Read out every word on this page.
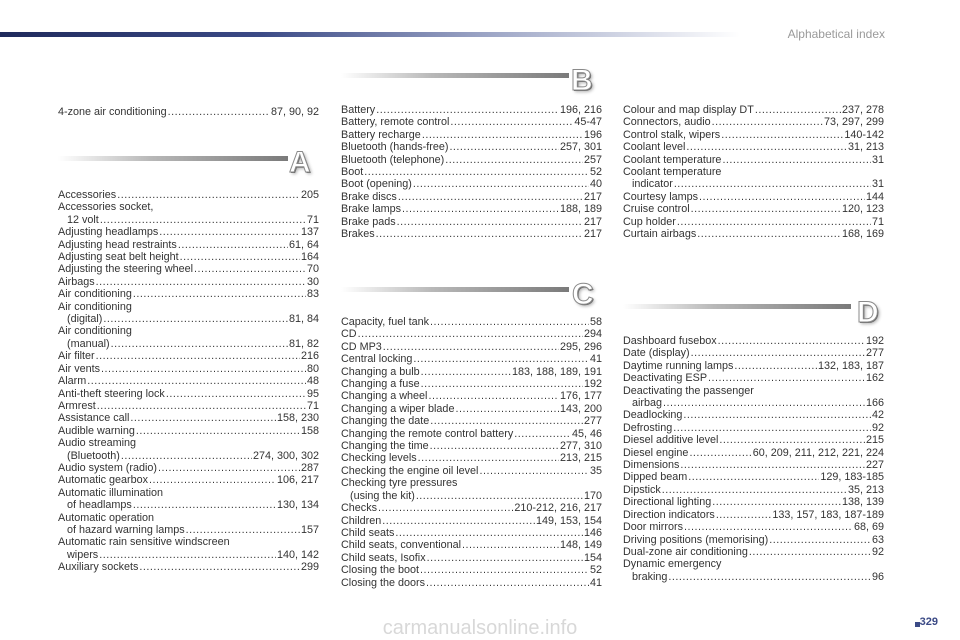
Alphabetical index
4-zone air conditioning .....	87, 90, 92
A
Accessories .....	205
Accessories socket,
12 volt .....	71
Adjusting headlamps .....	137
Adjusting head restraints .....	61, 64
Adjusting seat belt height .....	164
Adjusting the steering wheel .....	70
Airbags .....	30
Air conditioning .....	83
Air conditioning
(digital) .....	81, 84
Air conditioning
(manual) .....	81, 82
Air filter .....	216
Air vents .....	80
Alarm .....	48
Anti-theft steering lock .....	95
Armrest .....	71
Assistance call .....	158, 230
Audible warning .....	158
Audio streaming
(Bluetooth) .....	274, 300, 302
Audio system (radio) .....	287
Automatic gearbox .....	106, 217
Automatic illumination
of headlamps .....	130, 134
Automatic operation
of hazard warning lamps .....	157
Automatic rain sensitive windscreen
wipers .....	140, 142
Auxiliary sockets .....	299
B
Battery .....	196, 216
Battery, remote control .....	45-47
Battery recharge .....	196
Bluetooth (hands-free) .....	257, 301
Bluetooth (telephone) .....	257
Boot .....	52
Boot (opening) .....	40
Brake discs .....	217
Brake lamps .....	188, 189
Brake pads .....	217
Brakes .....	217
C
Capacity, fuel tank .....	58
CD .....	294
CD MP3 .....	295, 296
Central locking .....	41
Changing a bulb .....	183, 188, 189, 191
Changing a fuse .....	192
Changing a wheel .....	176, 177
Changing a wiper blade .....	143, 200
Changing the date .....	277
Changing the remote control battery .....	45, 46
Changing the time .....	277, 310
Checking levels .....	213, 215
Checking the engine oil level .....	35
Checking tyre pressures
(using the kit) .....	170
Checks .....	210-212, 216, 217
Children .....	149, 153, 154
Child seats .....	146
Child seats, conventional .....	148, 149
Child seats, Isofix .....	154
Closing the boot .....	52
Closing the doors .....	41
Colour and map display DT .....	237, 278
Connectors, audio .....	73, 297, 299
Control stalk, wipers .....	140-142
Coolant level .....	31, 213
Coolant temperature .....	31
Coolant temperature
indicator .....	31
Courtesy lamps .....	144
Cruise control .....	120, 123
Cup holder .....	71
Curtain airbags .....	168, 169
D
Dashboard fusebox .....	192
Date (display) .....	277
Daytime running lamps .....	132, 183, 187
Deactivating ESP .....	162
Deactivating the passenger
airbag .....	166
Deadlocking .....	42
Defrosting .....	92
Diesel additive level .....	215
Diesel engine .....	60, 209, 211, 212, 221, 224
Dimensions .....	227
Dipped beam .....	129, 183-185
Dipstick .....	35, 213
Directional lighting .....	138, 139
Direction indicators .....	133, 157, 183, 187-189
Door mirrors .....	68, 69
Driving positions (memorising) .....	63
Dual-zone air conditioning .....	92
Dynamic emergency
braking .....	96
329
carmanualsonline.info
